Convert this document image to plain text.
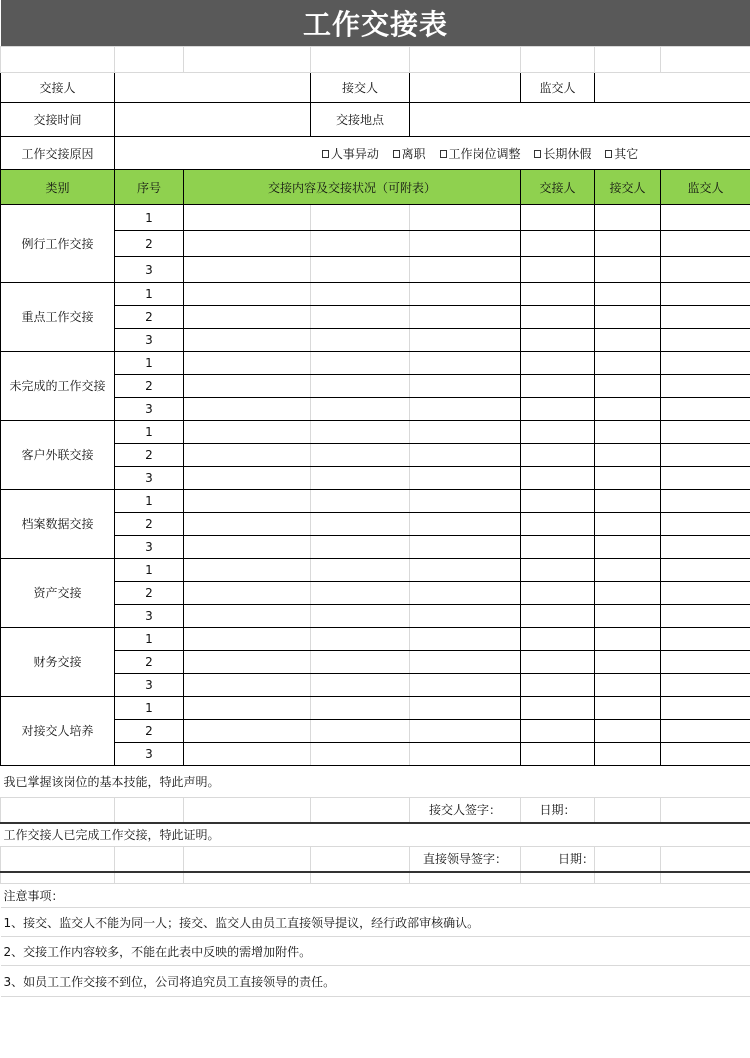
工作交接表							

交接人			接交人		监交人		
交接时间			交接地点				
工作交接原因	人事异动 离职 工作岗位调整 长期休假 其它						
类别	序号	交接内容及交接状况（可附表）			交接人	接交人	监交人
例行工作交接	1						
	2						
	3						
重点工作交接	1						
	2						
	3						
未完成的工作交接	1						
	2						
	3						
客户外联交接	1						
	2						
	3						
档案数据交接	1						
	2						
	3						
资产交接	1						
	2						
	3						
财务交接	1						
	2						
	3						
对接交人培养	1						
	2						
	3						
我已掌握该岗位的基本技能，特此声明。							
				接交人签字：	日期：		
工作交接人已完成工作交接，特此证明。							
				直接领导签字：	日期：		

注意事项：							
1、接交、监交人不能为同一人；接交、监交人由员工直接领导提议，经行政部审核确认。							
2、交接工作内容较多，不能在此表中反映的需增加附件。							
3、如员工工作交接不到位，公司将追究员工直接领导的责任。							
